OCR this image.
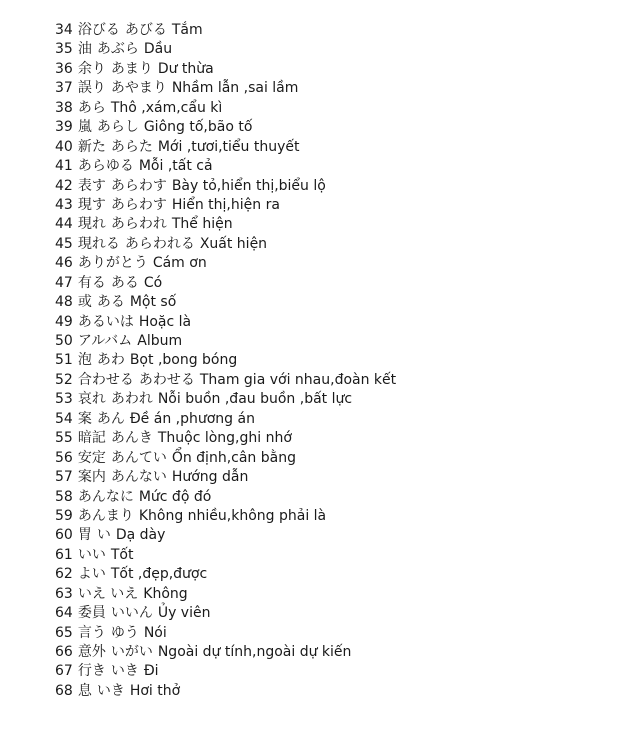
34 浴びる あびる Tắm
35 油 あぶら Dầu
36 余り あまり Dư thừa
37 誤り あやまり Nhầm lẫn ,sai lầm
38 あら Thô ,xám,cẩu kì
39 嵐 あらし Giông tố,bão tố
40 新た あらた Mới ,tươi,tiểu thuyết
41 あらゆる Mỗi ,tất cả
42 表す あらわす Bày tỏ,hiển thị,biểu lộ
43 現す あらわす Hiển thị,hiện ra
44 現れ あらわれ Thể hiện
45 現れる あらわれる Xuất hiện
46 ありがとう Cám ơn
47 有る ある Có
48 或 ある Một số
49 あるいは Hoặc là
50 アルバム Album
51 泡 あわ Bọt ,bong bóng
52 合わせる あわせる Tham gia với nhau,đoàn kết
53 哀れ あわれ Nỗi buồn ,đau buồn ,bất lực
54 案 あん Đề án ,phương án
55 暗記 あんき Thuộc lòng,ghi nhớ
56 安定 あんてい Ổn định,cân bằng
57 案内 あんない Hướng dẫn
58 あんなに Mức độ đó
59 あんまり Không nhiều,không phải là
60 胃 い Dạ dày
61 いい Tốt
62 よい Tốt ,đẹp,được
63 いえ いえ Không
64 委員 いいん Ủy viên
65 言う ゆう Nói
66 意外 いがい Ngoài dự tính,ngoài dự kiến
67 行き いき Đi
68 息 いき Hơi thở
